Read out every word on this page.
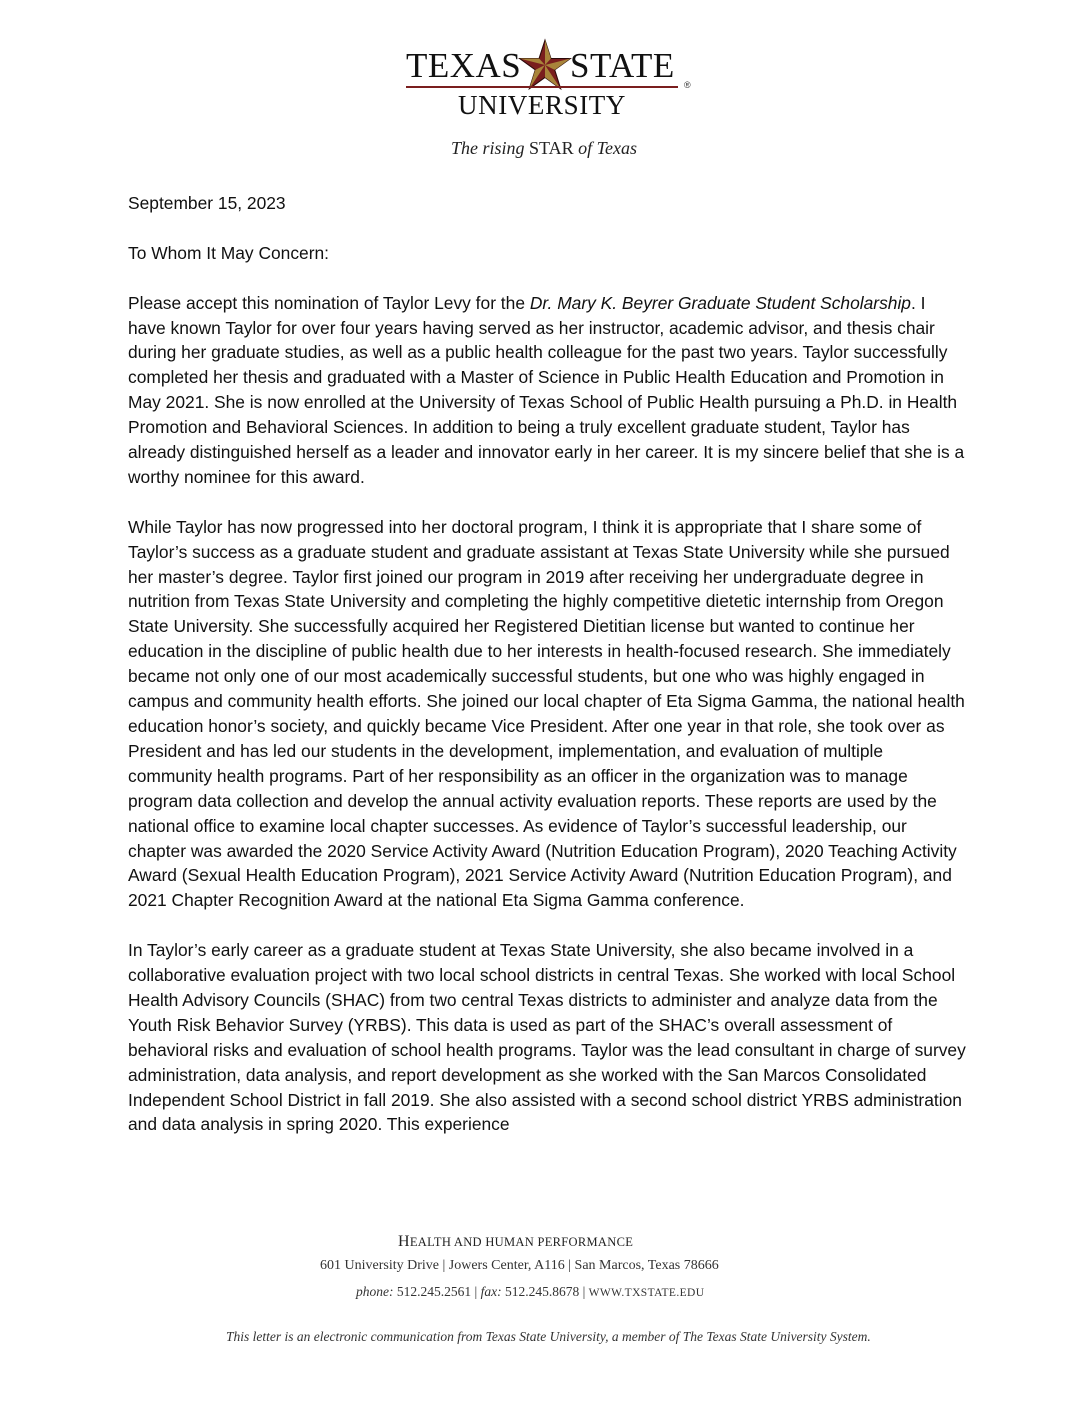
TEXAS STATE ®
UNIVERSITY
The rising STAR of Texas

September 15, 2023

To Whom It May Concern:

Please accept this nomination of Taylor Levy for the Dr. Mary K. Beyrer Graduate Student Scholarship. I have known Taylor for over four years having served as her instructor, academic advisor, and thesis chair during her graduate studies, as well as a public health colleague for the past two years. Taylor successfully completed her thesis and graduated with a Master of Science in Public Health Education and Promotion in May 2021. She is now enrolled at the University of Texas School of Public Health pursuing a Ph.D. in Health Promotion and Behavioral Sciences. In addition to being a truly excellent graduate student, Taylor has already distinguished herself as a leader and innovator early in her career. It is my sincere belief that she is a worthy nominee for this award.

While Taylor has now progressed into her doctoral program, I think it is appropriate that I share some of Taylor’s success as a graduate student and graduate assistant at Texas State University while she pursued her master’s degree. Taylor first joined our program in 2019 after receiving her undergraduate degree in nutrition from Texas State University and completing the highly competitive dietetic internship from Oregon State University. She successfully acquired her Registered Dietitian license but wanted to continue her education in the discipline of public health due to her interests in health-focused research. She immediately became not only one of our most academically successful students, but one who was highly engaged in campus and community health efforts. She joined our local chapter of Eta Sigma Gamma, the national health education honor’s society, and quickly became Vice President. After one year in that role, she took over as President and has led our students in the development, implementation, and evaluation of multiple community health programs. Part of her responsibility as an officer in the organization was to manage program data collection and develop the annual activity evaluation reports. These reports are used by the national office to examine local chapter successes. As evidence of Taylor’s successful leadership, our chapter was awarded the 2020 Service Activity Award (Nutrition Education Program), 2020 Teaching Activity Award (Sexual Health Education Program), 2021 Service Activity Award (Nutrition Education Program), and 2021 Chapter Recognition Award at the national Eta Sigma Gamma conference.

In Taylor’s early career as a graduate student at Texas State University, she also became involved in a collaborative evaluation project with two local school districts in central Texas. She worked with local School Health Advisory Councils (SHAC) from two central Texas districts to administer and analyze data from the Youth Risk Behavior Survey (YRBS). This data is used as part of the SHAC’s overall assessment of behavioral risks and evaluation of school health programs. Taylor was the lead consultant in charge of survey administration, data analysis, and report development as she worked with the San Marcos Consolidated Independent School District in fall 2019. She also assisted with a second school district YRBS administration and data analysis in spring 2020. This experience

HEALTH AND HUMAN PERFORMANCE
601 University Drive | Jowers Center, A116 | San Marcos, Texas 78666
phone: 512.245.2561 | fax: 512.245.8678 | WWW.TXSTATE.EDU
This letter is an electronic communication from Texas State University, a member of The Texas State University System.
